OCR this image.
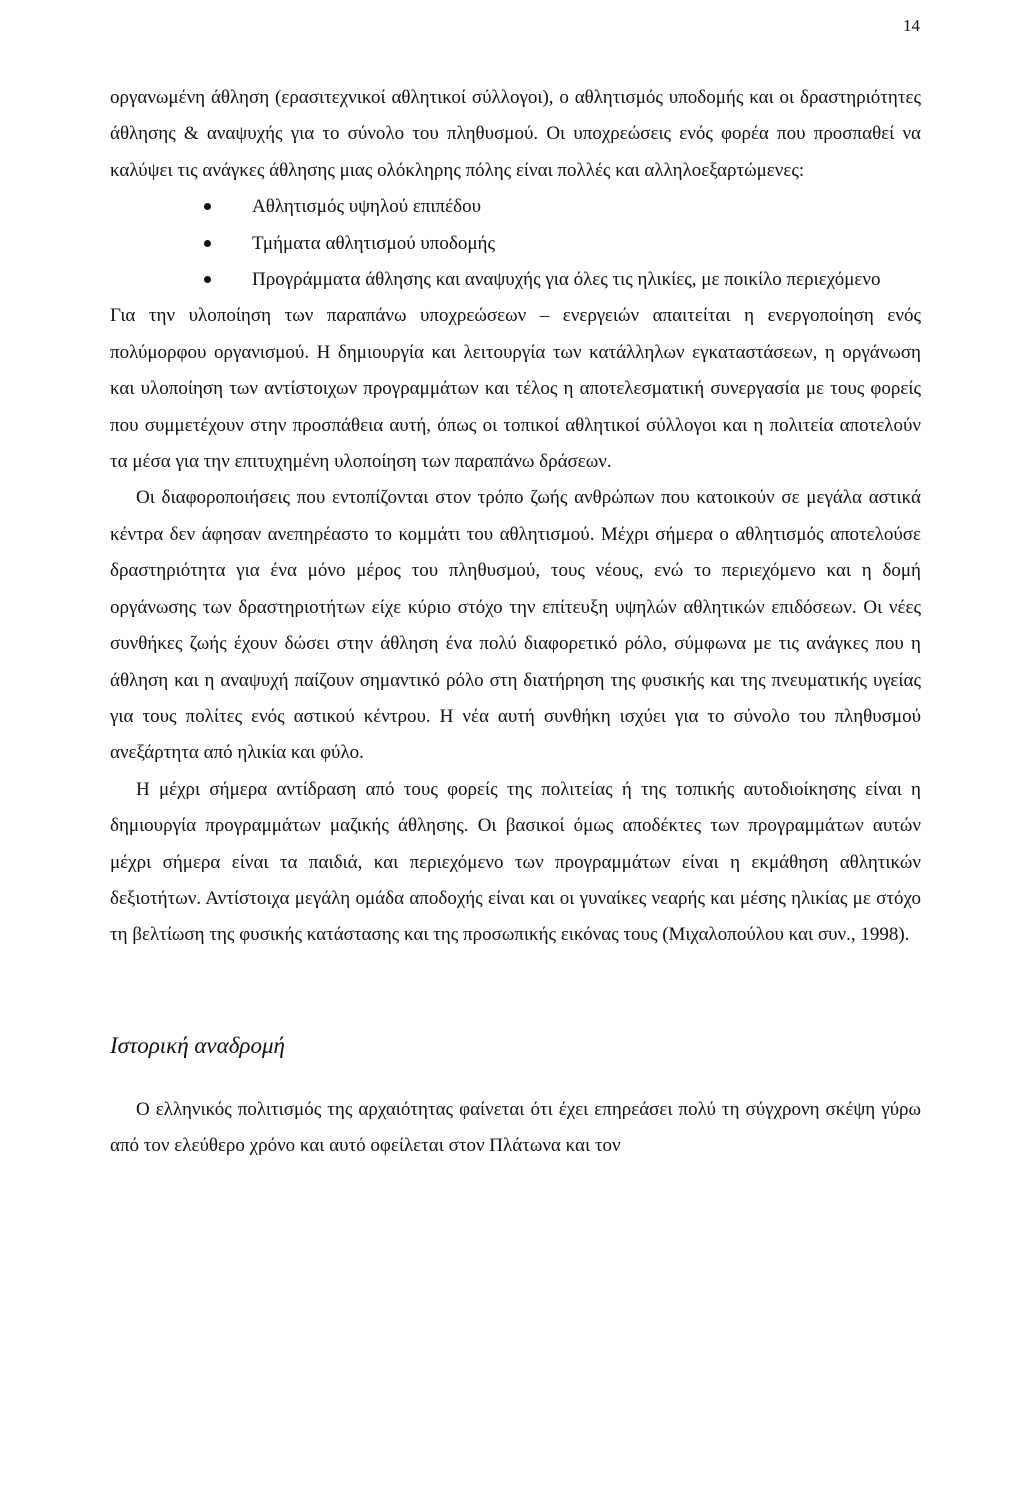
14

οργανωμένη άθληση (ερασιτεχνικοί αθλητικοί σύλλογοι), ο αθλητισμός υποδομής και οι δραστηριότητες άθλησης & αναψυχής για το σύνολο του πληθυσμού. Οι υποχρεώσεις ενός φορέα που προσπαθεί να καλύψει τις ανάγκες άθλησης μιας ολόκληρης πόλης είναι πολλές και αλληλοεξαρτώμενες:

Αθλητισμός υψηλού επιπέδου
Τμήματα αθλητισμού υποδομής
Προγράμματα άθλησης και αναψυχής για όλες τις ηλικίες, με ποικίλο περιεχόμενο

Για την υλοποίηση των παραπάνω υποχρεώσεων – ενεργειών απαιτείται η ενεργοποίηση ενός πολύμορφου οργανισμού. Η δημιουργία και λειτουργία των κατάλληλων εγκαταστάσεων, η οργάνωση και υλοποίηση των αντίστοιχων προγραμμάτων και τέλος η αποτελεσματική συνεργασία με τους φορείς που συμμετέχουν στην προσπάθεια αυτή, όπως οι τοπικοί αθλητικοί σύλλογοι και η πολιτεία αποτελούν τα μέσα για την επιτυχημένη υλοποίηση των παραπάνω δράσεων.

Οι διαφοροποιήσεις που εντοπίζονται στον τρόπο ζωής ανθρώπων που κατοικούν σε μεγάλα αστικά κέντρα δεν άφησαν ανεπηρέαστο το κομμάτι του αθλητισμού. Μέχρι σήμερα ο αθλητισμός αποτελούσε δραστηριότητα για ένα μόνο μέρος του πληθυσμού, τους νέους, ενώ το περιεχόμενο και η δομή οργάνωσης των δραστηριοτήτων είχε κύριο στόχο την επίτευξη υψηλών αθλητικών επιδόσεων. Οι νέες συνθήκες ζωής έχουν δώσει στην άθληση ένα πολύ διαφορετικό ρόλο, σύμφωνα με τις ανάγκες που η άθληση και η αναψυχή παίζουν σημαντικό ρόλο στη διατήρηση της φυσικής και της πνευματικής υγείας για τους πολίτες ενός αστικού κέντρου. Η νέα αυτή συνθήκη ισχύει για το σύνολο του πληθυσμού ανεξάρτητα από ηλικία και φύλο.

Η μέχρι σήμερα αντίδραση από τους φορείς της πολιτείας ή της τοπικής αυτοδιοίκησης είναι η δημιουργία προγραμμάτων μαζικής άθλησης. Οι βασικοί όμως αποδέκτες των προγραμμάτων αυτών μέχρι σήμερα είναι τα παιδιά, και περιεχόμενο των προγραμμάτων είναι η εκμάθηση αθλητικών δεξιοτήτων. Αντίστοιχα μεγάλη ομάδα αποδοχής είναι και οι γυναίκες νεαρής και μέσης ηλικίας με στόχο τη βελτίωση της φυσικής κατάστασης και της προσωπικής εικόνας τους (Μιχαλοπούλου και συν., 1998).

Ιστορική αναδρομή

Ο ελληνικός πολιτισμός της αρχαιότητας φαίνεται ότι έχει επηρεάσει πολύ τη σύγχρονη σκέψη γύρω από τον ελεύθερο χρόνο και αυτό οφείλεται στον Πλάτωνα και τον
